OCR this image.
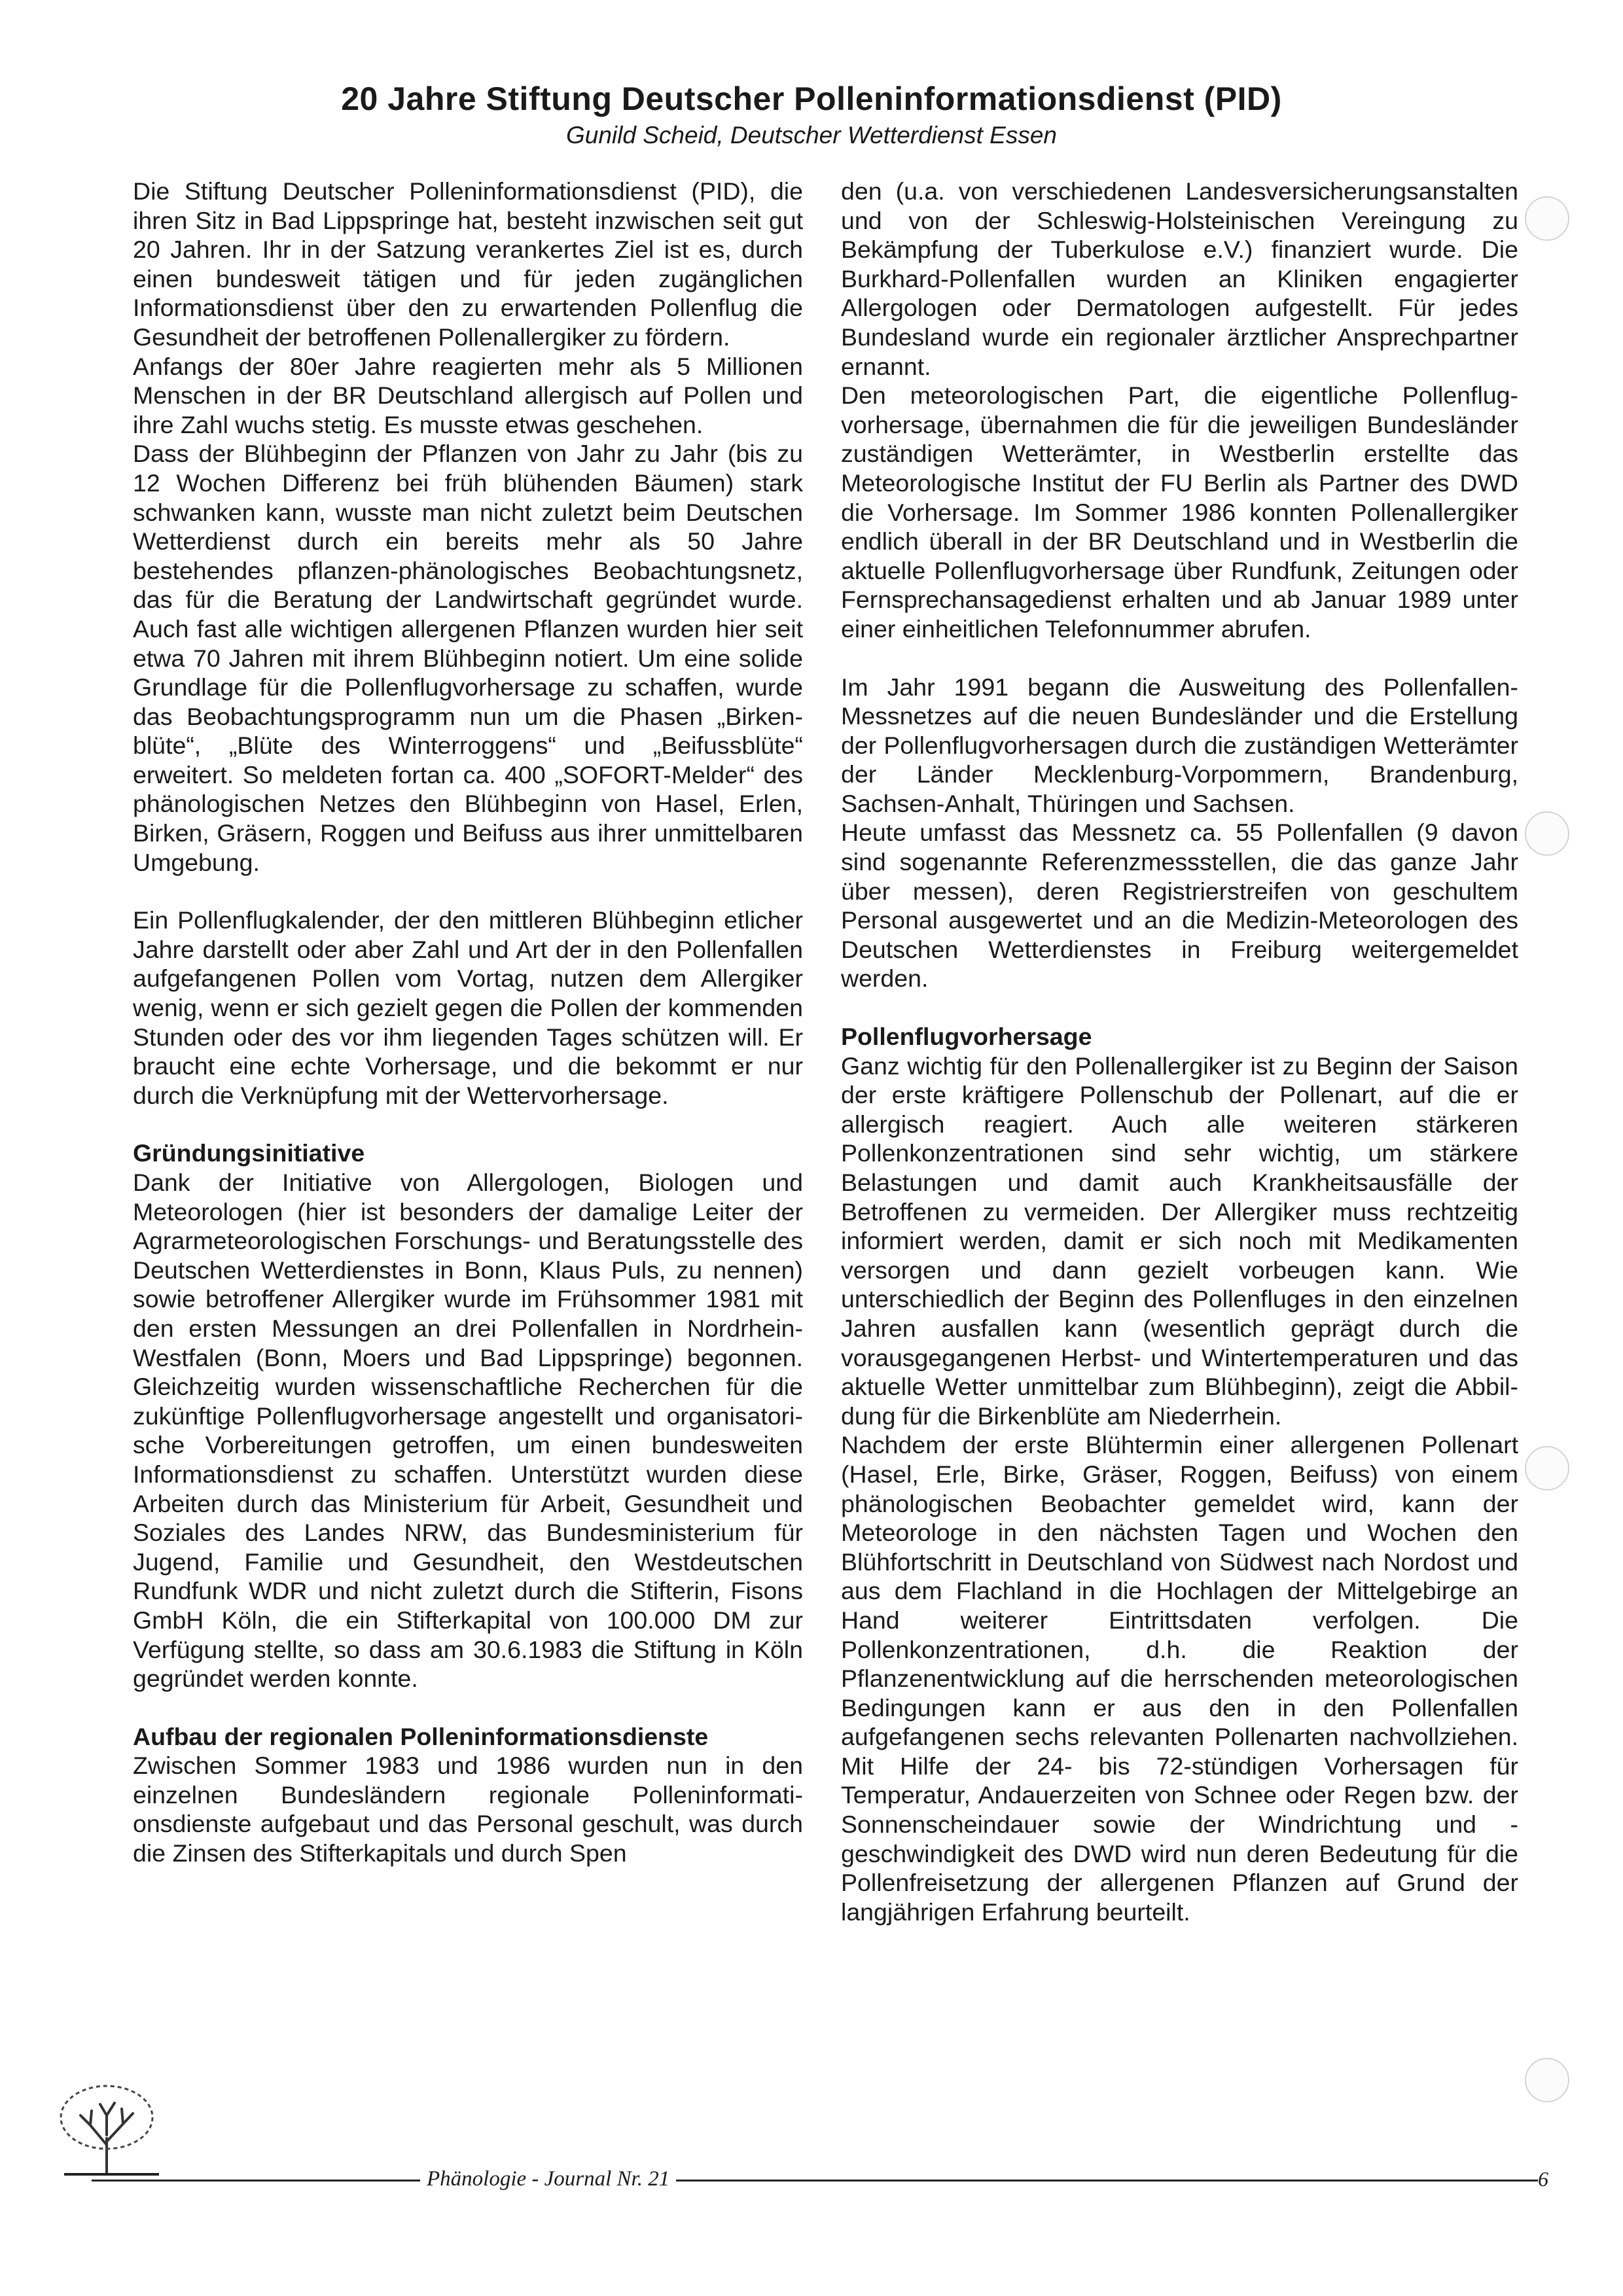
20 Jahre Stiftung Deutscher Polleninformationsdienst (PID)
Gunild Scheid, Deutscher Wetterdienst Essen

Die Stiftung Deutscher Polleninformationsdienst (PID), die ihren Sitz in Bad Lippspringe hat, besteht inzwischen seit gut 20 Jahren. Ihr in der Satzung verankertes Ziel ist es, durch einen bundesweit tätigen und für jeden zugänglichen Informationsdienst über den zu erwartenden Pollenflug die Gesundheit der betroffenen Pollenallergiker zu fördern.

Anfangs der 80er Jahre reagierten mehr als 5 Millionen Menschen in der BR Deutschland allergisch auf Pollen und ihre Zahl wuchs stetig. Es musste etwas geschehen.

Dass der Blühbeginn der Pflanzen von Jahr zu Jahr (bis zu 12 Wochen Differenz bei früh blühenden Bäumen) stark schwanken kann, wusste man nicht zuletzt beim Deutschen Wetterdienst durch ein bereits mehr als 50 Jahre bestehendes pflanzen-phänologisches Beobachtungsnetz, das für die Beratung der Landwirtschaft gegründet wurde. Auch fast alle wichtigen allergenen Pflanzen wurden hier seit etwa 70 Jahren mit ihrem Blühbeginn notiert. Um eine solide Grundlage für die Pollenflugvorhersage zu schaffen, wurde das Beobachtungsprogramm nun um die Phasen „Birkenblüte“, „Blüte des Winterroggens“ und „Beifussblüte“ erweitert. So meldeten fortan ca. 400 „SOFORT-Melder“ des phänologischen Netzes den Blühbeginn von Hasel, Erlen, Birken, Gräsern, Roggen und Beifuss aus ihrer unmittelbaren Umgebung.

Ein Pollenflugkalender, der den mittleren Blühbeginn etlicher Jahre darstellt oder aber Zahl und Art der in den Pollenfallen aufgefangenen Pollen vom Vortag, nutzen dem Allergiker wenig, wenn er sich gezielt gegen die Pollen der kommenden Stunden oder des vor ihm liegenden Tages schützen will. Er braucht eine echte Vorhersage, und die bekommt er nur durch die Verknüpfung mit der Wettervorhersage.

Gründungsinitiative

Dank der Initiative von Allergologen, Biologen und Meteorologen (hier ist besonders der damalige Leiter der Agrarmeteorologischen Forschungs- und Beratungsstelle des Deutschen Wetterdienstes in Bonn, Klaus Puls, zu nennen) sowie betroffener Allergiker wurde im Frühsommer 1981 mit den ersten Messungen an drei Pollenfallen in Nordrhein-Westfalen (Bonn, Moers und Bad Lippspringe) begonnen. Gleichzeitig wurden wissenschaftliche Recherchen für die zukünftige Pollenflugvorhersage angestellt und organisatorische Vorbereitungen getroffen, um einen bundesweiten Informationsdienst zu schaffen. Unterstützt wurden diese Arbeiten durch das Ministerium für Arbeit, Gesundheit und Soziales des Landes NRW, das Bundesministerium für Jugend, Familie und Gesundheit, den Westdeutschen Rundfunk WDR und nicht zuletzt durch die Stifterin, Fisons GmbH Köln, die ein Stifterkapital von 100.000 DM zur Verfügung stellte, so dass am 30.6.1983 die Stiftung in Köln gegründet werden konnte.

Aufbau der regionalen Polleninformationsdienste

Zwischen Sommer 1983 und 1986 wurden nun in den einzelnen Bundesländern regionale Polleninformationsdienste aufgebaut und das Personal geschult, was durch die Zinsen des Stifterkapitals und durch Spen

den (u.a. von verschiedenen Landesversicherungsanstalten und von der Schleswig-Holsteinischen Vereingung zu Bekämpfung der Tuberkulose e.V.) finanziert wurde. Die Burkhard-Pollenfallen wurden an Kliniken engagierter Allergologen oder Dermatologen aufgestellt. Für jedes Bundesland wurde ein regionaler ärztlicher Ansprechpartner ernannt.

Den meteorologischen Part, die eigentliche Pollenflugvorhersage, übernahmen die für die jeweiligen Bundesländer zuständigen Wetterämter, in Westberlin erstellte das Meteorologische Institut der FU Berlin als Partner des DWD die Vorhersage. Im Sommer 1986 konnten Pollenallergiker endlich überall in der BR Deutschland und in Westberlin die aktuelle Pollenflugvorhersage über Rundfunk, Zeitungen oder Fernsprechansagedienst erhalten und ab Januar 1989 unter einer einheitlichen Telefonnummer abrufen.

Im Jahr 1991 begann die Ausweitung des Pollenfallen-Messnetzes auf die neuen Bundesländer und die Erstellung der Pollenflugvorhersagen durch die zuständigen Wetterämter der Länder Mecklenburg-Vorpommern, Brandenburg, Sachsen-Anhalt, Thüringen und Sachsen.

Heute umfasst das Messnetz ca. 55 Pollenfallen (9 davon sind sogenannte Referenzmessstellen, die das ganze Jahr über messen), deren Registrierstreifen von geschultem Personal ausgewertet und an die Medizin-Meteorologen des Deutschen Wetterdienstes in Freiburg weitergemeldet werden.

Pollenflugvorhersage

Ganz wichtig für den Pollenallergiker ist zu Beginn der Saison der erste kräftigere Pollenschub der Pollenart, auf die er allergisch reagiert. Auch alle weiteren stärkeren Pollenkonzentrationen sind sehr wichtig, um stärkere Belastungen und damit auch Krankheitsausfälle der Betroffenen zu vermeiden. Der Allergiker muss rechtzeitig informiert werden, damit er sich noch mit Medikamenten versorgen und dann gezielt vorbeugen kann. Wie unterschiedlich der Beginn des Pollenfluges in den einzelnen Jahren ausfallen kann (wesentlich geprägt durch die vorausgegangenen Herbst- und Wintertemperaturen und das aktuelle Wetter unmittelbar zum Blühbeginn), zeigt die Abbildung für die Birkenblüte am Niederrhein.

Nachdem der erste Blühtermin einer allergenen Pollenart (Hasel, Erle, Birke, Gräser, Roggen, Beifuss) von einem phänologischen Beobachter gemeldet wird, kann der Meteorologe in den nächsten Tagen und Wochen den Blühfortschritt in Deutschland von Südwest nach Nordost und aus dem Flachland in die Hochlagen der Mittelgebirge an Hand weiterer Eintrittsdaten verfolgen. Die Pollenkonzentrationen, d.h. die Reaktion der Pflanzenentwicklung auf die herrschenden meteorologischen Bedingungen kann er aus den in den Pollenfallen aufgefangenen sechs relevanten Pollenarten nachvollziehen. Mit Hilfe der 24- bis 72-stündigen Vorhersagen für Temperatur, Andauerzeiten von Schnee oder Regen bzw. der Sonnenscheindauer sowie der Windrichtung und -geschwindigkeit des DWD wird nun deren Bedeutung für die Pollenfreisetzung der allergenen Pflanzen auf Grund der langjährigen Erfahrung beurteilt.

Phänologie - Journal Nr. 21	6
